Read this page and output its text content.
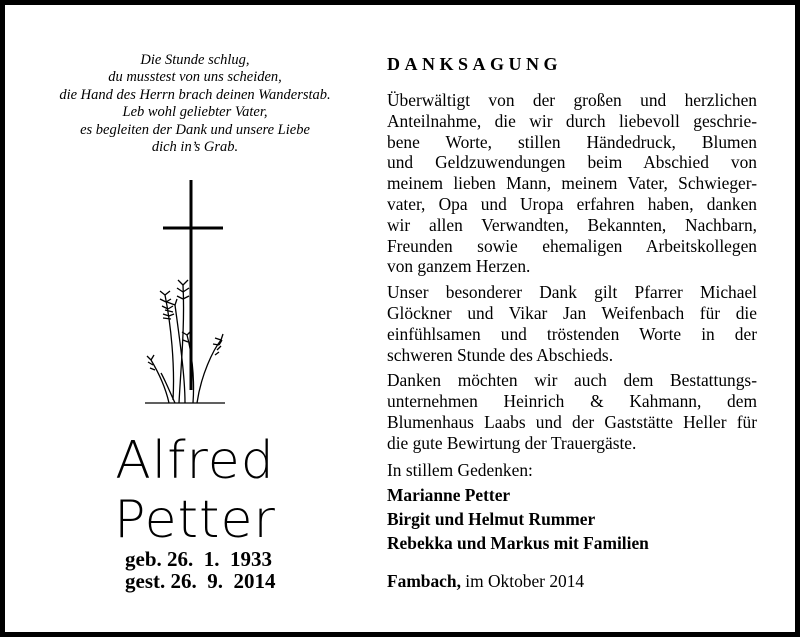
Die Stunde schlug,
du musstest von uns scheiden,
die Hand des Herrn brach deinen Wanderstab.
Leb wohl geliebter Vater,
es begleiten der Dank und unsere Liebe
dich in’s Grab.
Alfred
Petter
geb. 26.  1.  1933
gest. 26.  9.  2014
DANKSAGUNG
Überwältigt von der großen und herzlichen
Anteilnahme, die wir durch liebevoll geschrie-
bene Worte, stillen Händedruck, Blumen
und Geldzuwendungen beim Abschied von
meinem lieben Mann, meinem Vater, Schwieger-
vater, Opa und Uropa erfahren haben, danken
wir allen Verwandten, Bekannten, Nachbarn,
Freunden sowie ehemaligen Arbeitskollegen
von ganzem Herzen.
Unser besonderer Dank gilt Pfarrer Michael
Glöckner und Vikar Jan Weifenbach für die
einfühlsamen und tröstenden Worte in der
schweren Stunde des Abschieds.
Danken möchten wir auch dem Bestattungs-
unternehmen Heinrich & Kahmann, dem
Blumenhaus Laabs und der Gaststätte Heller für
die gute Bewirtung der Trauergäste.
In stillem Gedenken:
Marianne Petter
Birgit und Helmut Rummer
Rebekka und Markus mit Familien
Fambach, im Oktober 2014
